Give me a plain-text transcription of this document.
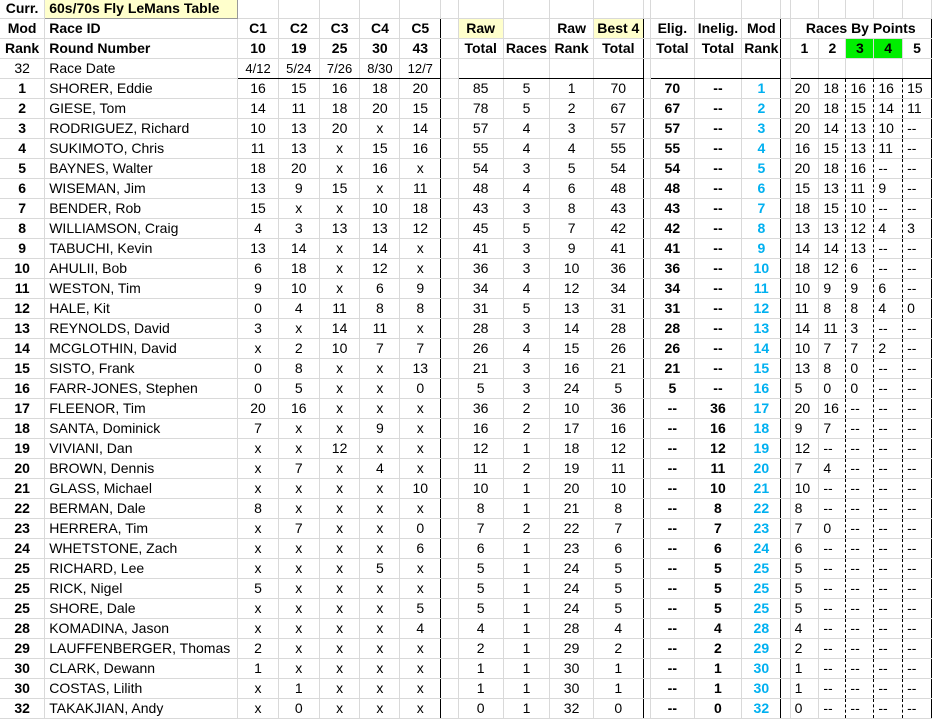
Curr.	60s/70s Fly LeMans Table																				
Mod	Race ID	C1	C2	C3	C4	C5		Raw		Raw	Best 4		Elig.	Inelig.	Mod		Races By Points				
Rank	Round Number	10	19	25	30	43		Total	Races	Rank	Total		Total	Total	Rank		1	2	3	4	5
32	Race Date	4/12	5/24	7/26	8/30	12/7															
1	SHORER, Eddie	16	15	16	18	20		85	5	1	70		70	--	1		20	18	16	16	15
2	GIESE, Tom	14	11	18	20	15		78	5	2	67		67	--	2		20	18	15	14	11
3	RODRIGUEZ, Richard	10	13	20	x	14		57	4	3	57		57	--	3		20	14	13	10	--
4	SUKIMOTO, Chris	11	13	x	15	16		55	4	4	55		55	--	4		16	15	13	11	--
5	BAYNES, Walter	18	20	x	16	x		54	3	5	54		54	--	5		20	18	16	--	--
6	WISEMAN, Jim	13	9	15	x	11		48	4	6	48		48	--	6		15	13	11	9	--
7	BENDER, Rob	15	x	x	10	18		43	3	8	43		43	--	7		18	15	10	--	--
8	WILLIAMSON, Craig	4	3	13	13	12		45	5	7	42		42	--	8		13	13	12	4	3
9	TABUCHI, Kevin	13	14	x	14	x		41	3	9	41		41	--	9		14	14	13	--	--
10	AHULII, Bob	6	18	x	12	x		36	3	10	36		36	--	10		18	12	6	--	--
11	WESTON, Tim	9	10	x	6	9		34	4	12	34		34	--	11		10	9	9	6	--
12	HALE, Kit	0	4	11	8	8		31	5	13	31		31	--	12		11	8	8	4	0
13	REYNOLDS, David	3	x	14	11	x		28	3	14	28		28	--	13		14	11	3	--	--
14	MCGLOTHIN, David	x	2	10	7	7		26	4	15	26		26	--	14		10	7	7	2	--
15	SISTO, Frank	0	8	x	x	13		21	3	16	21		21	--	15		13	8	0	--	--
16	FARR-JONES, Stephen	0	5	x	x	0		5	3	24	5		5	--	16		5	0	0	--	--
17	FLEENOR, Tim	20	16	x	x	x		36	2	10	36		--	36	17		20	16	--	--	--
18	SANTA, Dominick	7	x	x	9	x		16	2	17	16		--	16	18		9	7	--	--	--
19	VIVIANI, Dan	x	x	12	x	x		12	1	18	12		--	12	19		12	--	--	--	--
20	BROWN, Dennis	x	7	x	4	x		11	2	19	11		--	11	20		7	4	--	--	--
21	GLASS, Michael	x	x	x	x	10		10	1	20	10		--	10	21		10	--	--	--	--
22	BERMAN, Dale	8	x	x	x	x		8	1	21	8		--	8	22		8	--	--	--	--
23	HERRERA, Tim	x	7	x	x	0		7	2	22	7		--	7	23		7	0	--	--	--
24	WHETSTONE, Zach	x	x	x	x	6		6	1	23	6		--	6	24		6	--	--	--	--
25	RICHARD, Lee	x	x	x	5	x		5	1	24	5		--	5	25		5	--	--	--	--
25	RICK, Nigel	5	x	x	x	x		5	1	24	5		--	5	25		5	--	--	--	--
25	SHORE, Dale	x	x	x	x	5		5	1	24	5		--	5	25		5	--	--	--	--
28	KOMADINA, Jason	x	x	x	x	4		4	1	28	4		--	4	28		4	--	--	--	--
29	LAUFFENBERGER, Thomas	2	x	x	x	x		2	1	29	2		--	2	29		2	--	--	--	--
30	CLARK, Dewann	1	x	x	x	x		1	1	30	1		--	1	30		1	--	--	--	--
30	COSTAS, Lilith	x	1	x	x	x		1	1	30	1		--	1	30		1	--	--	--	--
32	TAKAKJIAN, Andy	x	0	x	x	x		0	1	32	0		--	0	32		0	--	--	--	--
